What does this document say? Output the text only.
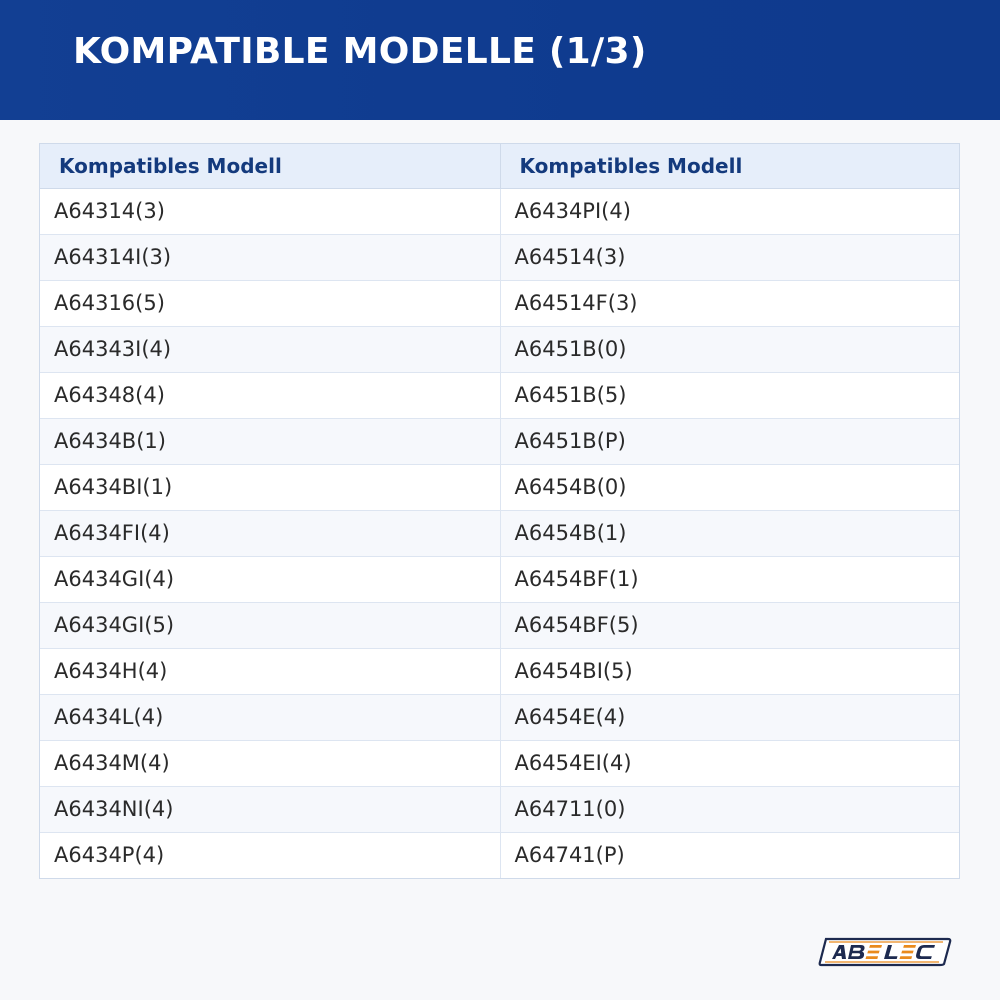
KOMPATIBLE MODELLE (1/3)
Kompatibles Modell	Kompatibles Modell
A64314(3)	A6434PI(4)
A64314I(3)	A64514(3)
A64316(5)	A64514F(3)
A64343I(4)	A6451B(0)
A64348(4)	A6451B(5)
A6434B(1)	A6451B(P)
A6434BI(1)	A6454B(0)
A6434FI(4)	A6454B(1)
A6434GI(4)	A6454BF(1)
A6434GI(5)	A6454BF(5)
A6434H(4)	A6454BI(5)
A6434L(4)	A6454E(4)
A6434M(4)	A6454EI(4)
A6434NI(4)	A64711(0)
A6434P(4)	A64741(P)
